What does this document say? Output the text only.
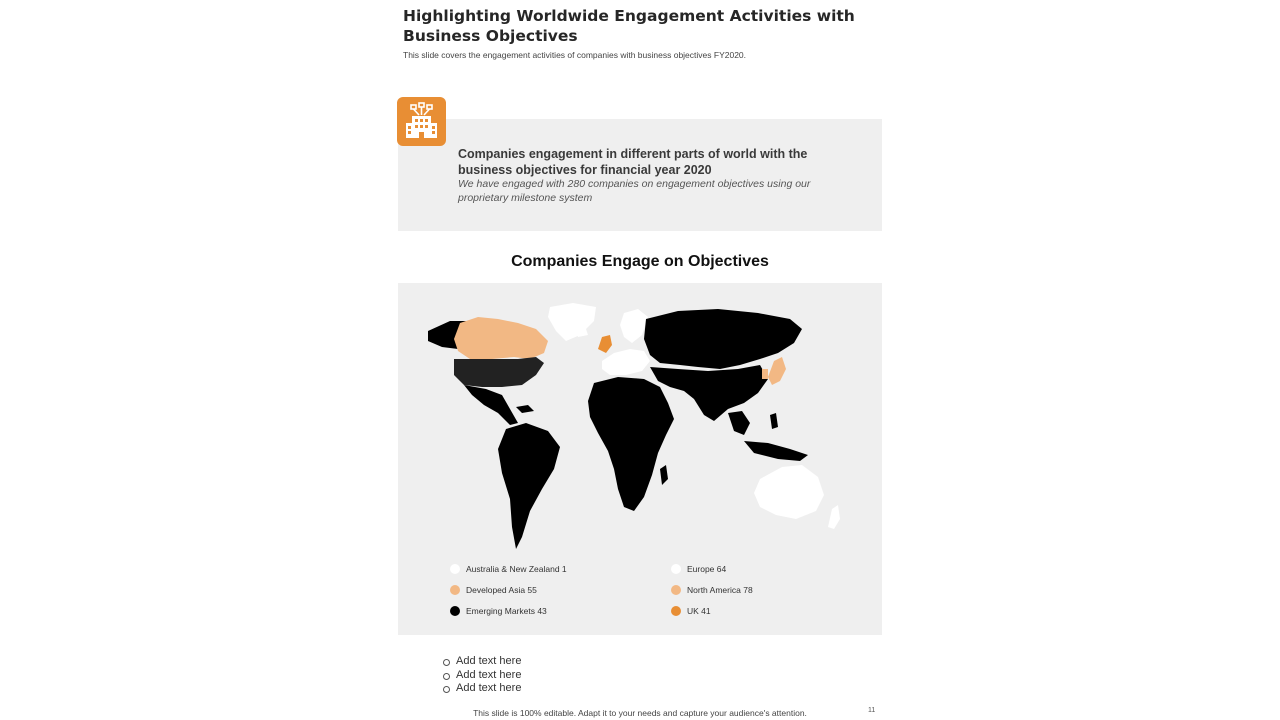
Highlighting Worldwide Engagement Activities with Business Objectives

This slide covers the engagement activities of companies with business objectives FY2020.

Companies engagement in different parts of world with the business objectives for financial year 2020

We have engaged with 280 companies on engagement objectives using our proprietary milestone system

Companies Engage on Objectives
Australia & New Zealand 1	Europe 64
Developed Asia 55	North America 78
Emerging Markets 43	UK 41
Add text here
Add text here
Add text here

This slide is 100% editable. Adapt it to your needs and capture your audience's attention.	11
